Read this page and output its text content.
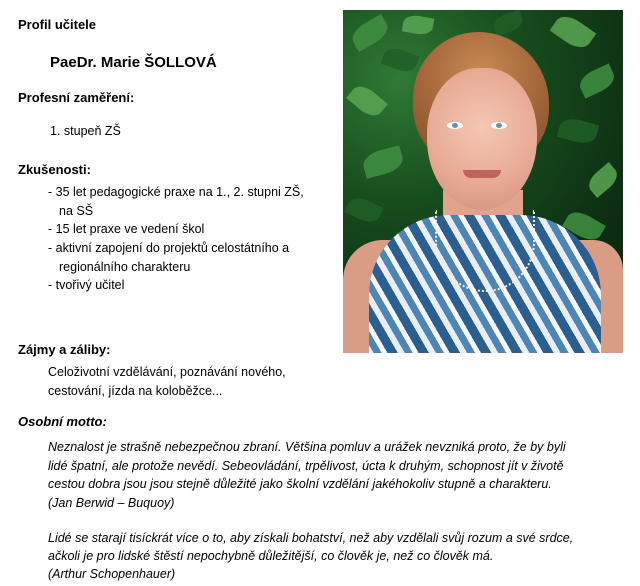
Profil učitele
PaeDr. Marie ŠOLLOVÁ
Profesní zaměření:
1. stupeň ZŠ
Zkušenosti:
- 35 let pedagogické praxe na 1., 2. stupni ZŠ,
na SŠ
- 15 let praxe ve vedení škol
- aktivní zapojení do projektů celostátního a
regionálního charakteru
- tvořivý učitel
Zájmy a záliby:
Celoživotní vzdělávání, poznávání nového,
cestování, jízda na koloběžce...
Osobní motto:
Neznalost je strašně nebezpečnou zbraní. Většina pomluv a urážek nevzniká proto, že by byli
lidé špatní, ale protože nevědí. Sebeovládání, trpělivost, úcta k druhým, schopnost jít v životě
cestou dobra jsou jsou stejně důležité jako školní vzdělání jakéhokoliv stupně a charakteru.
(Jan Berwid – Buquoy)
Lidé se starají tisíckrát více o to, aby získali bohatství, než aby vzdělali svůj rozum a své srdce,
ačkoli je pro lidské štěstí nepochybně důležitější, co člověk je, než co člověk má.
(Arthur Schopenhauer)
